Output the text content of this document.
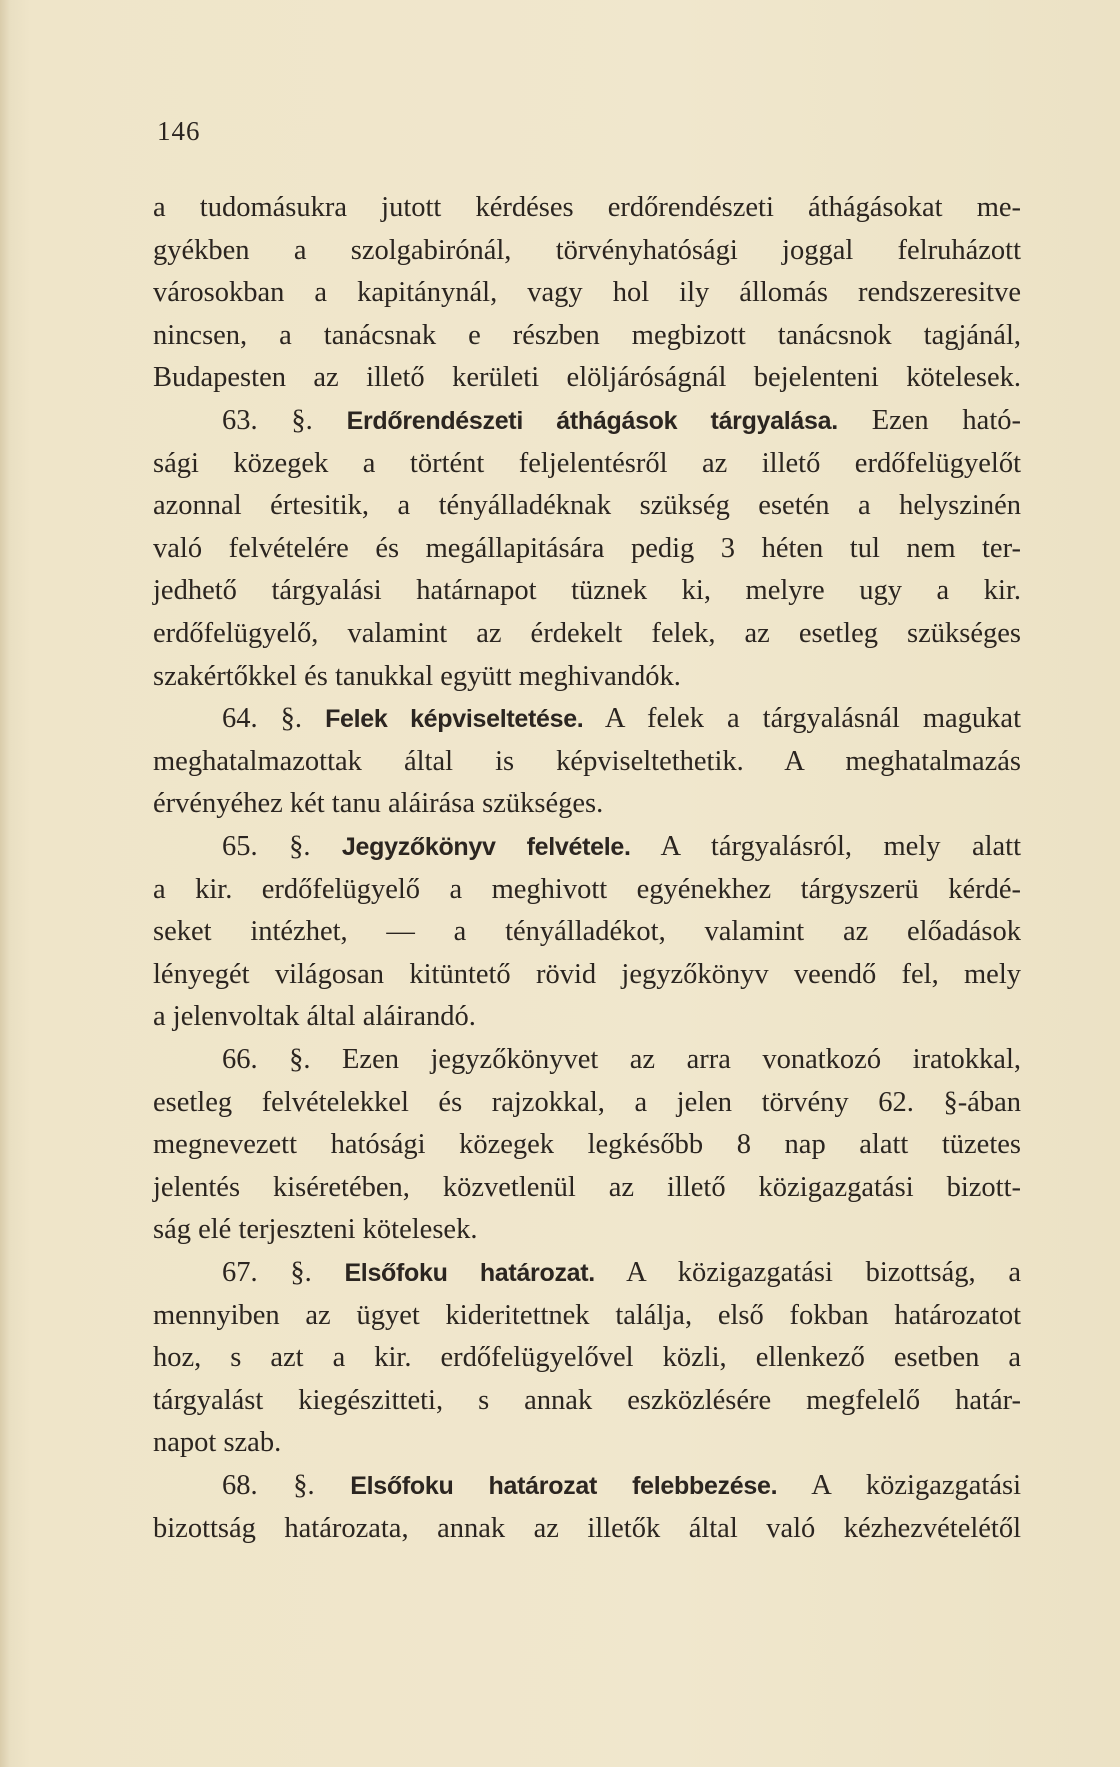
146
a tudomásukra jutott kérdéses erdőrendészeti áthágásokat me-
gyékben a szolgabirónál, törvényhatósági joggal felruházott
városokban a kapitánynál, vagy hol ily állomás rendszeresitve
nincsen, a tanácsnak e részben megbizott tanácsnok tagjánál,
Budapesten az illető kerületi elöljáróságnál bejelenteni kötelesek.
63. §. Erdőrendészeti áthágások tárgyalása. Ezen ható-
sági közegek a történt feljelentésről az illető erdőfelügyelőt
azonnal értesitik, a tényálladéknak szükség esetén a helyszinén
való felvételére és megállapitására pedig 3 héten tul nem ter-
jedhető tárgyalási határnapot tüznek ki, melyre ugy a kir.
erdőfelügyelő, valamint az érdekelt felek, az esetleg szükséges
szakértőkkel és tanukkal együtt meghivandók.
64. §. Felek képviseltetése. A felek a tárgyalásnál magukat
meghatalmazottak által is képviseltethetik. A meghatalmazás
érvényéhez két tanu aláirása szükséges.
65. §. Jegyzőkönyv felvétele. A tárgyalásról, mely alatt
a kir. erdőfelügyelő a meghivott egyénekhez tárgyszerü kérdé-
seket intézhet, — a tényálladékot, valamint az előadások
lényegét világosan kitüntető rövid jegyzőkönyv veendő fel, mely
a jelenvoltak által aláirandó.
66. §. Ezen jegyzőkönyvet az arra vonatkozó iratokkal,
esetleg felvételekkel és rajzokkal, a jelen törvény 62. §-ában
megnevezett hatósági közegek legkésőbb 8 nap alatt tüzetes
jelentés kiséretében, közvetlenül az illető közigazgatási bizott-
ság elé terjeszteni kötelesek.
67. §. Elsőfoku határozat. A közigazgatási bizottság, a
mennyiben az ügyet kideritettnek találja, első fokban határozatot
hoz, s azt a kir. erdőfelügyelővel közli, ellenkező esetben a
tárgyalást kiegészitteti, s annak eszközlésére megfelelő határ-
napot szab.
68. §. Elsőfoku határozat felebbezése. A közigazgatási
bizottság határozata, annak az illetők által való kézhezvételétől
